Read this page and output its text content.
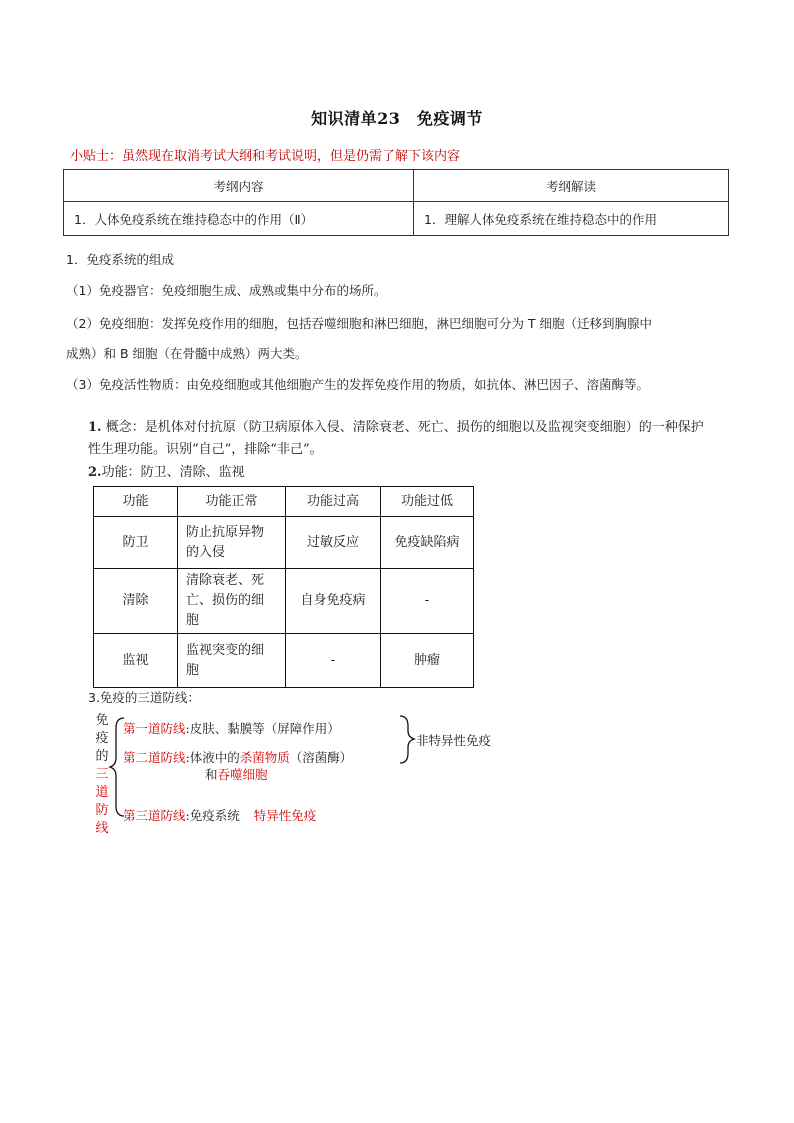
知识清单23　免疫调节
小贴士：虽然现在取消考试大纲和考试说明，但是仍需了解下该内容
考纲内容	考纲解读
1．人体免疫系统在维持稳态中的作用（Ⅱ）	1．理解人体免疫系统在维持稳态中的作用
1．免疫系统的组成
（1）免疫器官：免疫细胞生成、成熟或集中分布的场所。
（2）免疫细胞：发挥免疫作用的细胞，包括吞噬细胞和淋巴细胞，淋巴细胞可分为 T 细胞（迁移到胸腺中
成熟）和 B 细胞（在骨髓中成熟）两大类。
（3）免疫活性物质：由免疫细胞或其他细胞产生的发挥免疫作用的物质，如抗体、淋巴因子、溶菌酶等。
1. 概念：是机体对付抗原（防卫病原体入侵、清除衰老、死亡、损伤的细胞以及监视突变细胞）的一种保护
性生理功能。识别“自己”，排除“非己”。
2.功能：防卫、清除、监视
功能	功能正常	功能过高	功能过低
防卫	防止抗原异物
的入侵	过敏反应	免疫缺陷病
清除	清除衰老、死
亡、损伤的细
胞	自身免疫病	-
监视	监视突变的细
胞	-	肿瘤
3.免疫的三道防线：
免
疫
的
三
道
防
线
第一道防线:皮肤、黏膜等（屏障作用）
第二道防线:体液中的杀菌物质（溶菌酶）
和吞噬细胞
非特异性免疫
第三道防线:免疫系统 特异性免疫
